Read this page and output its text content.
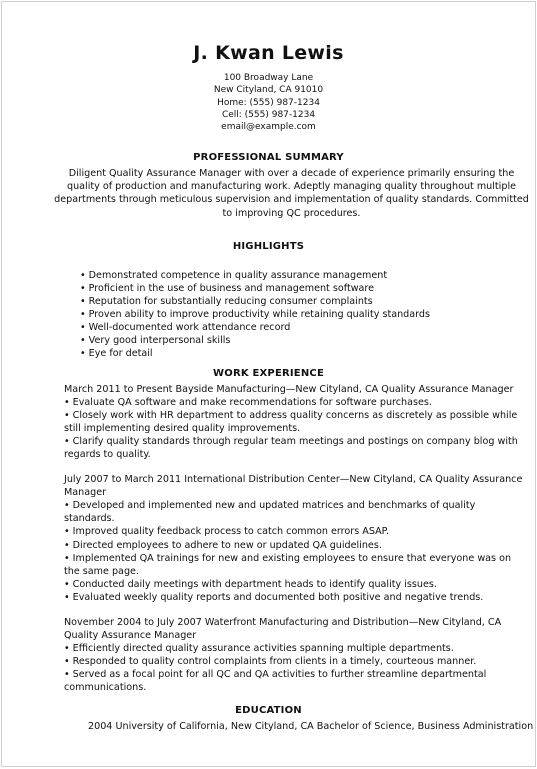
J. Kwan Lewis
100 Broadway Lane
New Cityland, CA 91010
Home: (555) 987-1234
Cell: (555) 987-1234
email@example.com
PROFESSIONAL SUMMARY
Diligent Quality Assurance Manager with over a decade of experience primarily ensuring the quality of production and manufacturing work. Adeptly managing quality throughout multiple departments through meticulous supervision and implementation of quality standards. Committed to improving QC procedures.
HIGHLIGHTS
• Demonstrated competence in quality assurance management
• Proficient in the use of business and management software
• Reputation for substantially reducing consumer complaints
• Proven ability to improve productivity while retaining quality standards
• Well-documented work attendance record
• Very good interpersonal skills
• Eye for detail
WORK EXPERIENCE
March 2011 to Present Bayside Manufacturing—New Cityland, CA Quality Assurance Manager
• Evaluate QA software and make recommendations for software purchases.
• Closely work with HR department to address quality concerns as discretely as possible while still implementing desired quality improvements.
• Clarify quality standards through regular team meetings and postings on company blog with regards to quality.
July 2007 to March 2011 International Distribution Center—New Cityland, CA Quality Assurance Manager
• Developed and implemented new and updated matrices and benchmarks of quality standards.
• Improved quality feedback process to catch common errors ASAP.
• Directed employees to adhere to new or updated QA guidelines.
• Implemented QA trainings for new and existing employees to ensure that everyone was on the same page.
• Conducted daily meetings with department heads to identify quality issues.
• Evaluated weekly quality reports and documented both positive and negative trends.
November 2004 to July 2007 Waterfront Manufacturing and Distribution—New Cityland, CA Quality Assurance Manager
• Efficiently directed quality assurance activities spanning multiple departments.
• Responded to quality control complaints from clients in a timely, courteous manner.
• Served as a focal point for all QC and QA activities to further streamline departmental communications.
EDUCATION
2004 University of California, New Cityland, CA Bachelor of Science, Business Administration
